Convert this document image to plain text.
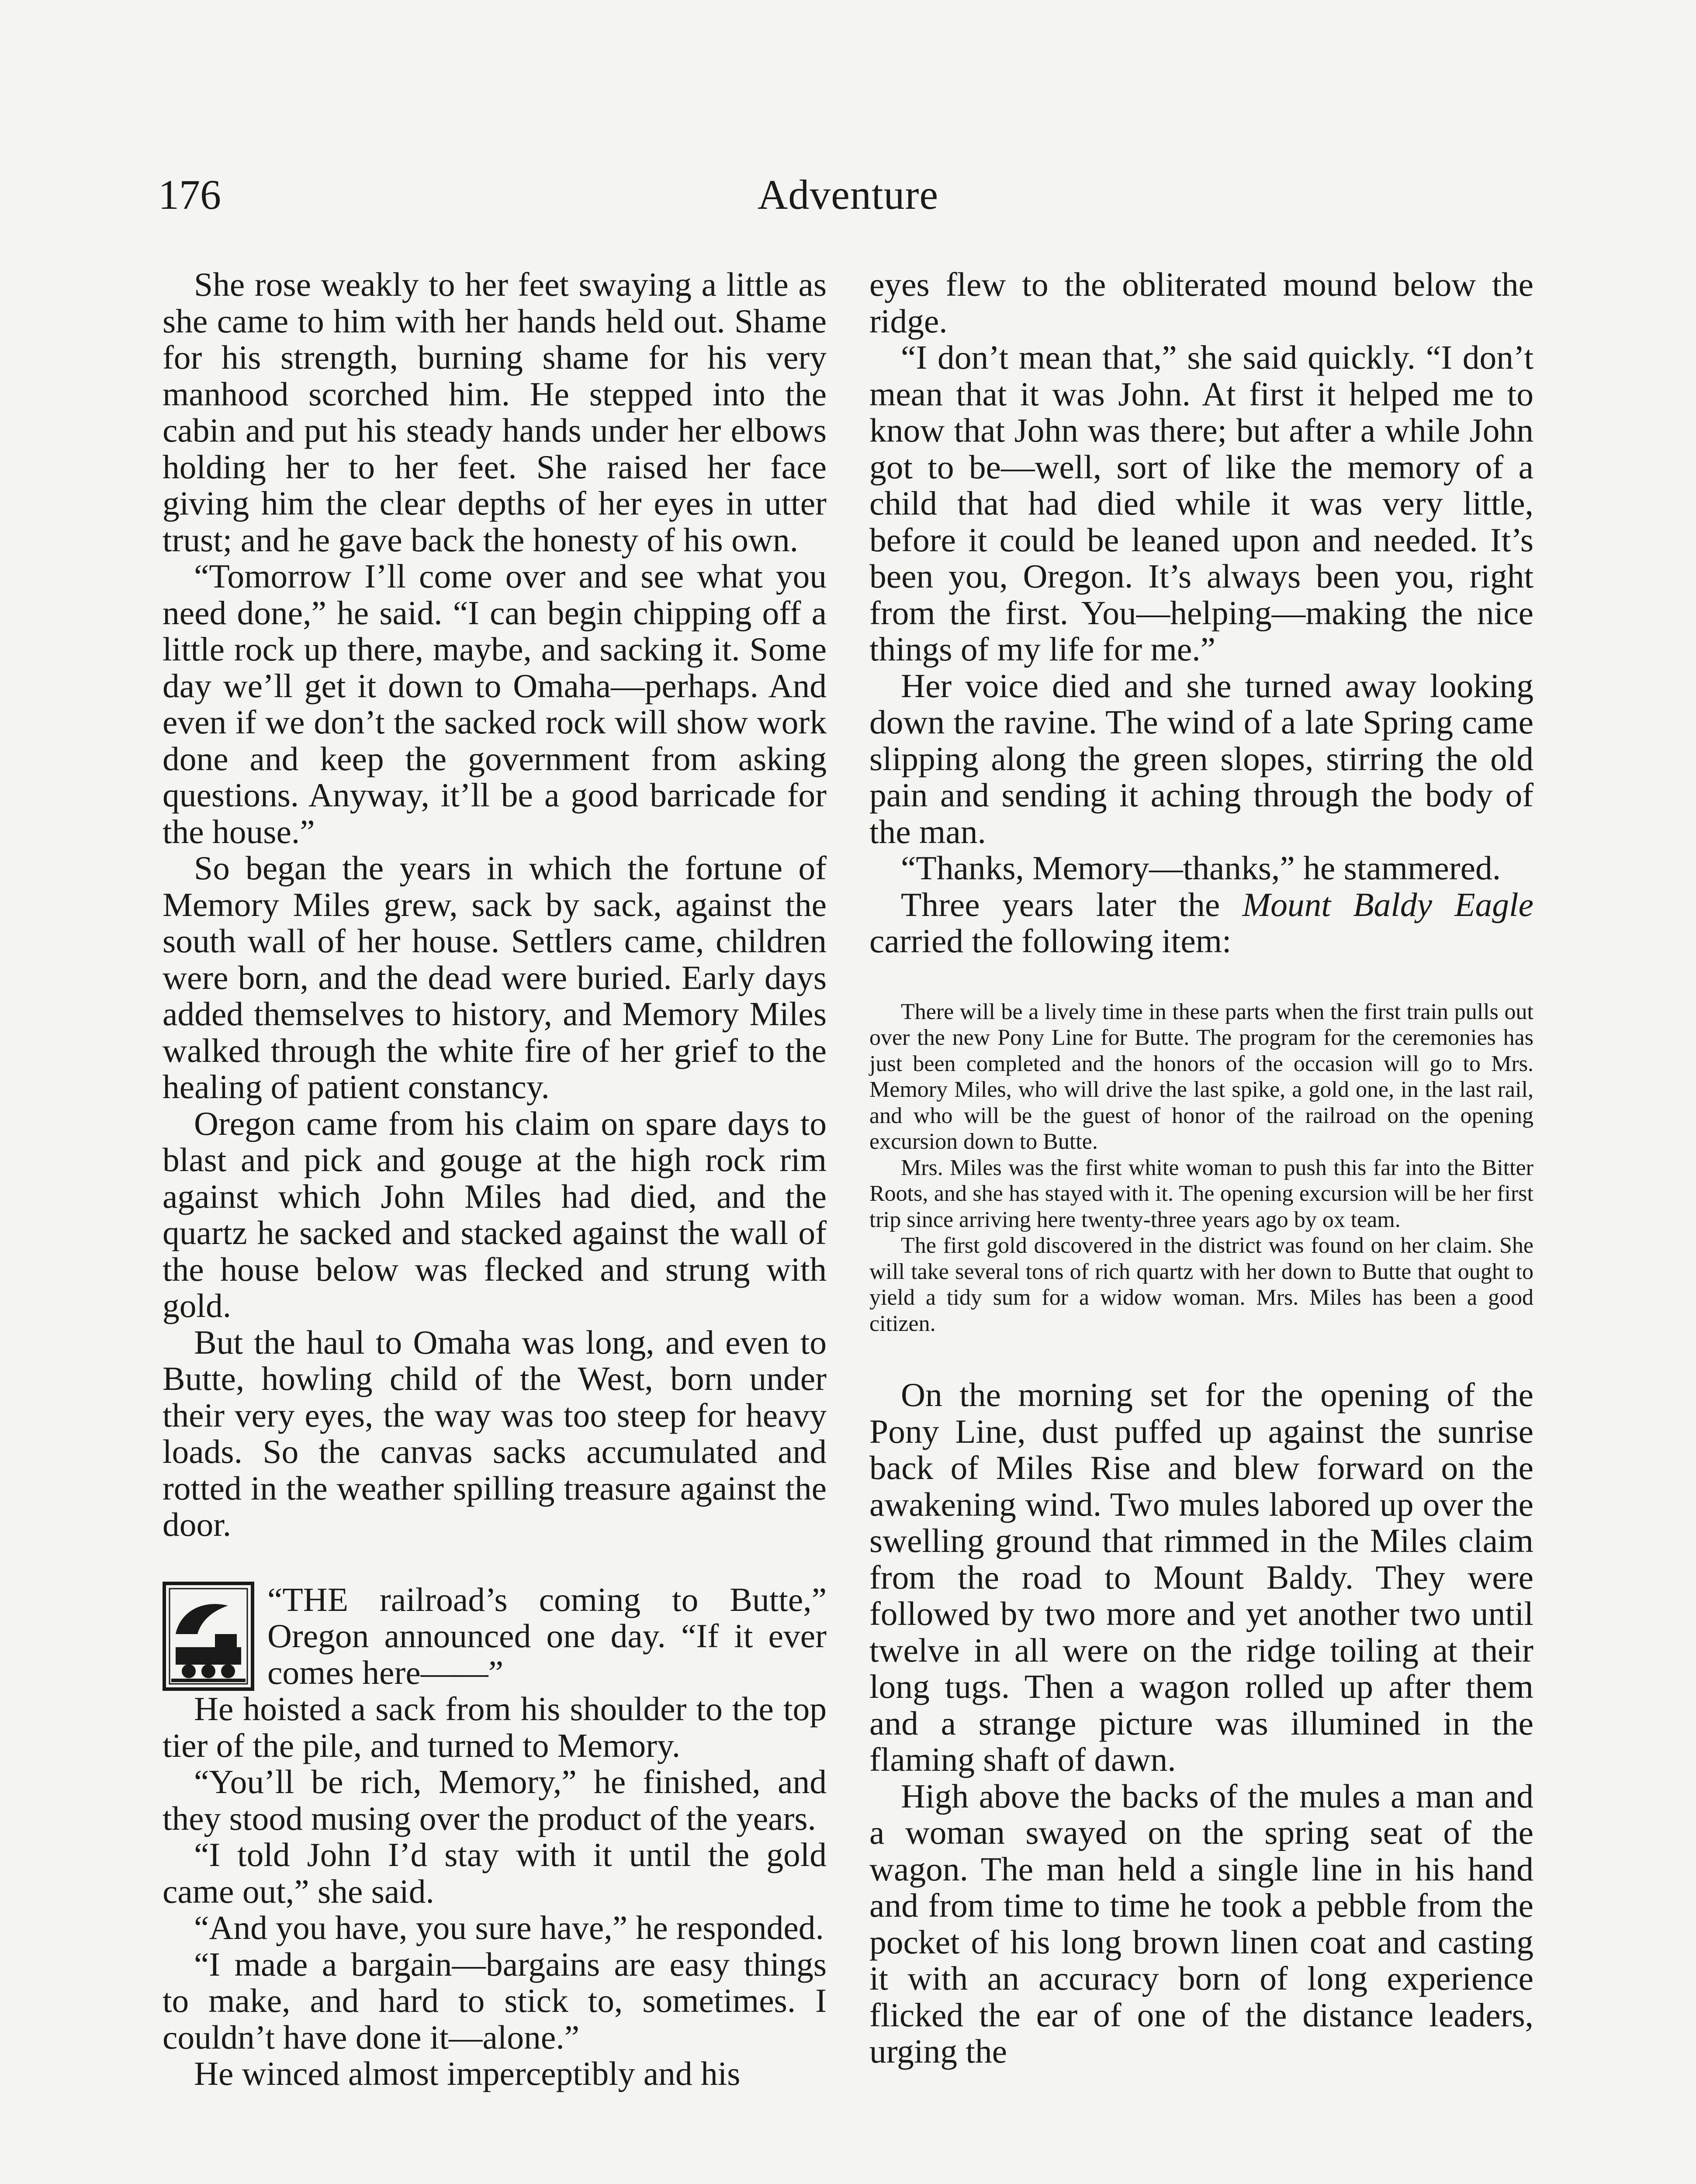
176	Adventure

She rose weakly to her feet swaying a little as she came to him with her hands held out. Shame for his strength, burning shame for his very manhood scorched him. He stepped into the cabin and put his steady hands under her elbows holding her to her feet. She raised her face giving him the clear depths of her eyes in utter trust; and he gave back the honesty of his own.

“Tomorrow I’ll come over and see what you need done,” he said. “I can begin chipping off a little rock up there, maybe, and sacking it. Some day we’ll get it down to Omaha—perhaps. And even if we don’t the sacked rock will show work done and keep the government from asking questions. Anyway, it’ll be a good barricade for the house.”

So began the years in which the fortune of Memory Miles grew, sack by sack, against the south wall of her house. Settlers came, children were born, and the dead were buried. Early days added themselves to history, and Memory Miles walked through the white fire of her grief to the healing of patient constancy.

Oregon came from his claim on spare days to blast and pick and gouge at the high rock rim against which John Miles had died, and the quartz he sacked and stacked against the wall of the house below was flecked and strung with gold.

But the haul to Omaha was long, and even to Butte, howling child of the West, born under their very eyes, the way was too steep for heavy loads. So the canvas sacks accumulated and rotted in the weather spilling treasure against the door.

“THE railroad’s coming to Butte,” Oregon announced one day. “If it ever comes here——”

He hoisted a sack from his shoulder to the top tier of the pile, and turned to Memory.

“You’ll be rich, Memory,” he finished, and they stood musing over the product of the years.

“I told John I’d stay with it until the gold came out,” she said.

“And you have, you sure have,” he responded.

“I made a bargain—bargains are easy things to make, and hard to stick to, sometimes. I couldn’t have done it—alone.”

He winced almost imperceptibly and his

eyes flew to the obliterated mound below the ridge.

“I don’t mean that,” she said quickly. “I don’t mean that it was John. At first it helped me to know that John was there; but after a while John got to be—well, sort of like the memory of a child that had died while it was very little, before it could be leaned upon and needed. It’s been you, Oregon. It’s always been you, right from the first. You—helping—making the nice things of my life for me.”

Her voice died and she turned away looking down the ravine. The wind of a late Spring came slipping along the green slopes, stirring the old pain and sending it aching through the body of the man.

“Thanks, Memory—thanks,” he stammered.

Three years later the Mount Baldy Eagle carried the following item:

There will be a lively time in these parts when the first train pulls out over the new Pony Line for Butte. The program for the ceremonies has just been completed and the honors of the occasion will go to Mrs. Memory Miles, who will drive the last spike, a gold one, in the last rail, and who will be the guest of honor of the railroad on the opening excursion down to Butte.

Mrs. Miles was the first white woman to push this far into the Bitter Roots, and she has stayed with it. The opening excursion will be her first trip since arriving here twenty-three years ago by ox team.

The first gold discovered in the district was found on her claim. She will take several tons of rich quartz with her down to Butte that ought to yield a tidy sum for a widow woman. Mrs. Miles has been a good citizen.

On the morning set for the opening of the Pony Line, dust puffed up against the sunrise back of Miles Rise and blew forward on the awakening wind. Two mules labored up over the swelling ground that rimmed in the Miles claim from the road to Mount Baldy. They were followed by two more and yet another two until twelve in all were on the ridge toiling at their long tugs. Then a wagon rolled up after them and a strange picture was illumined in the flaming shaft of dawn.

High above the backs of the mules a man and a woman swayed on the spring seat of the wagon. The man held a single line in his hand and from time to time he took a pebble from the pocket of his long brown linen coat and casting it with an accuracy born of long experience flicked the ear of one of the distance leaders, urging the
